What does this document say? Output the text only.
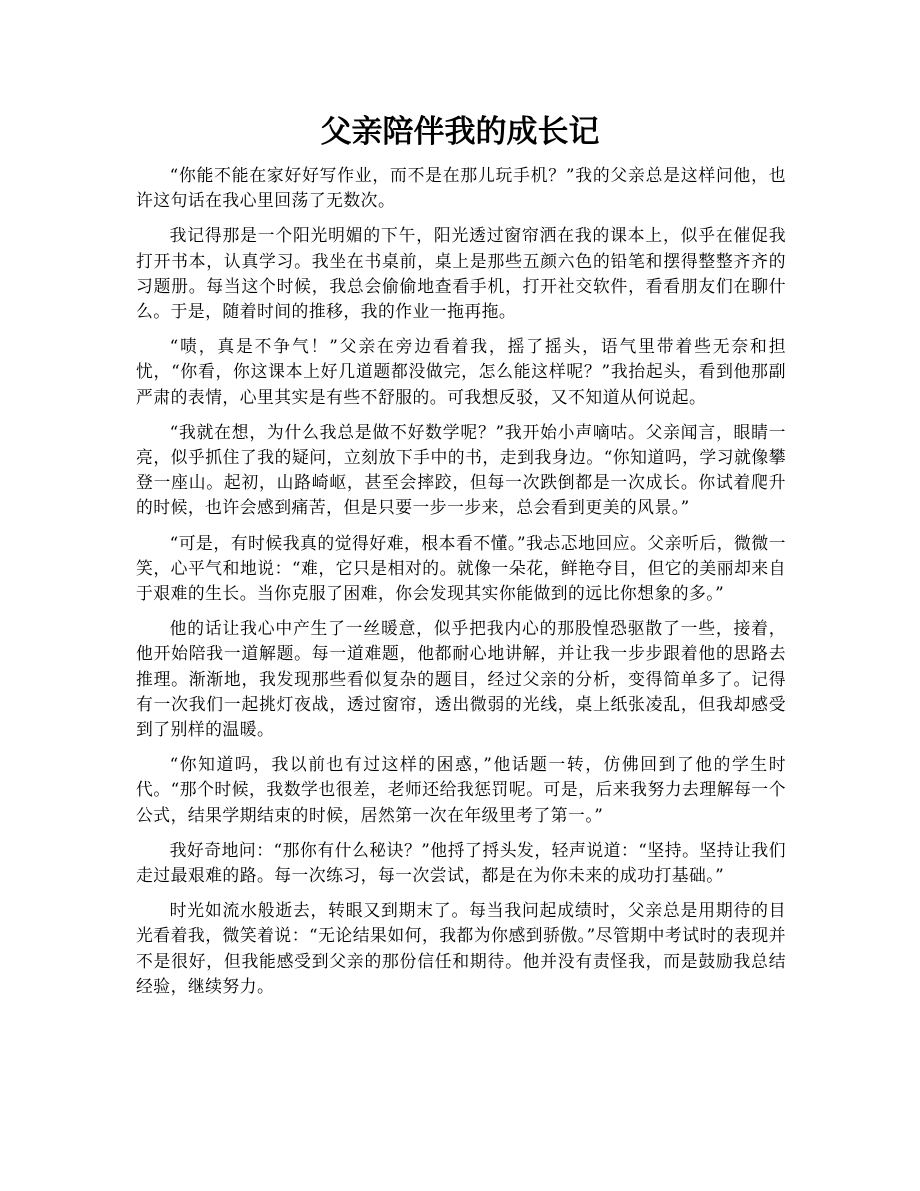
父亲陪伴我的成长记

“你能不能在家好好写作业，而不是在那儿玩手机？”我的父亲总是这样问他，也许这句话在我心里回荡了无数次。

我记得那是一个阳光明媚的下午，阳光透过窗帘洒在我的课本上，似乎在催促我打开书本，认真学习。我坐在书桌前，桌上是那些五颜六色的铅笔和摆得整整齐齐的习题册。每当这个时候，我总会偷偷地查看手机，打开社交软件，看看朋友们在聊什么。于是，随着时间的推移，我的作业一拖再拖。

“啧，真是不争气！”父亲在旁边看着我，摇了摇头，语气里带着些无奈和担忧，“你看，你这课本上好几道题都没做完，怎么能这样呢？”我抬起头，看到他那副严肃的表情，心里其实是有些不舒服的。可我想反驳，又不知道从何说起。

“我就在想，为什么我总是做不好数学呢？”我开始小声嘀咕。父亲闻言，眼睛一亮，似乎抓住了我的疑问，立刻放下手中的书，走到我身边。“你知道吗，学习就像攀登一座山。起初，山路崎岖，甚至会摔跤，但每一次跌倒都是一次成长。你试着爬升的时候，也许会感到痛苦，但是只要一步一步来，总会看到更美的风景。”

“可是，有时候我真的觉得好难，根本看不懂。”我忐忑地回应。父亲听后，微微一笑，心平气和地说：“难，它只是相对的。就像一朵花，鲜艳夺目，但它的美丽却来自于艰难的生长。当你克服了困难，你会发现其实你能做到的远比你想象的多。”

他的话让我心中产生了一丝暖意，似乎把我内心的那股惶恐驱散了一些，接着，他开始陪我一道解题。每一道难题，他都耐心地讲解，并让我一步步跟着他的思路去推理。渐渐地，我发现那些看似复杂的题目，经过父亲的分析，变得简单多了。记得有一次我们一起挑灯夜战，透过窗帘，透出微弱的光线，桌上纸张凌乱，但我却感受到了别样的温暖。

“你知道吗，我以前也有过这样的困惑，”他话题一转，仿佛回到了他的学生时代。“那个时候，我数学也很差，老师还给我惩罚呢。可是，后来我努力去理解每一个公式，结果学期结束的时候，居然第一次在年级里考了第一。”

我好奇地问：“那你有什么秘诀？”他捋了捋头发，轻声说道：“坚持。坚持让我们走过最艰难的路。每一次练习，每一次尝试，都是在为你未来的成功打基础。”

时光如流水般逝去，转眼又到期末了。每当我问起成绩时，父亲总是用期待的目光看着我，微笑着说：“无论结果如何，我都为你感到骄傲。”尽管期中考试时的表现并不是很好，但我能感受到父亲的那份信任和期待。他并没有责怪我，而是鼓励我总结经验，继续努力。
